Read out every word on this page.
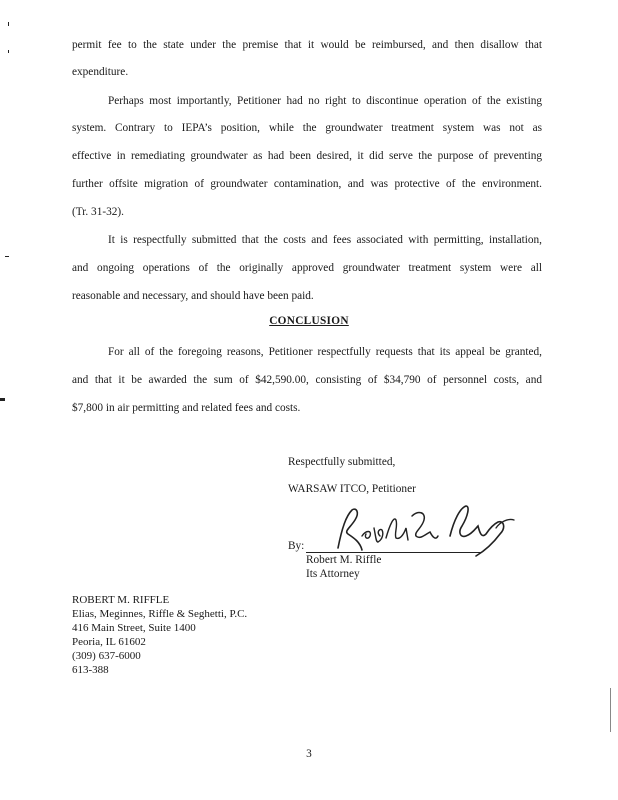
permit fee to the state under the premise that it would be reimbursed, and then disallow that
expenditure.
Perhaps most importantly, Petitioner had no right to discontinue operation of the existing
system. Contrary to IEPA’s position, while the groundwater treatment system was not as
effective in remediating groundwater as had been desired, it did serve the purpose of preventing
further offsite migration of groundwater contamination, and was protective of the environment.
(Tr. 31-32).
It is respectfully submitted that the costs and fees associated with permitting, installation,
and ongoing operations of the originally approved groundwater treatment system were all
reasonable and necessary, and should have been paid.
CONCLUSION
For all of the foregoing reasons, Petitioner respectfully requests that its appeal be granted,
and that it be awarded the sum of $42,590.00, consisting of $34,790 of personnel costs, and
$7,800 in air permitting and related fees and costs.
Respectfully submitted,
WARSAW ITCO, Petitioner
By:
Robert M. Riffle
Its Attorney
ROBERT M. RIFFLE
Elias, Meginnes, Riffle & Seghetti, P.C.
416 Main Street, Suite 1400
Peoria, IL 61602
(309) 637-6000
613-388
3
